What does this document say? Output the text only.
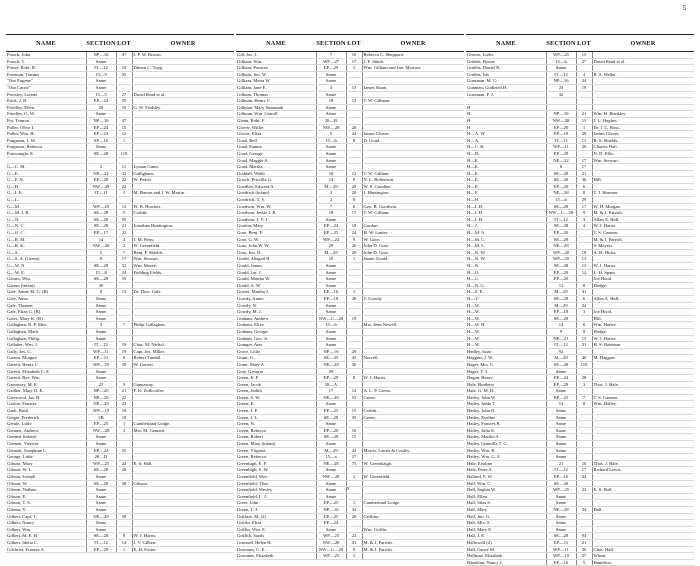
5
3
NAME	SECTION	LOT	OWNER
Frasch, John	NP—16	47	J. P. W. Brown.
Frasch, T.	Same		
Fraser, Robt. R.	IT—12	18	Dimon C. Topp.
Freeman, Tommy	13—9	35	
"Our Eugene"	Same		
"Our Carrie"	Same		
Pressley, Lorena	15—5	27	David Read et al.
Frick, J. B.	EP—24	25	
Friedley, Ellen	28	10	G. W. Fridsley.
Friedley, G. W.	Same		
Fry, Trimon	NP—16	47	
Fuller, Olive I.	EP—24	15	
Fuller, Wm. H.	EP—24	12	
Furguson, J. W.	SP—16	1	
Furguson, Rebecca	Same		
Furtwangle, E.	SE—28	110	

G—C. M.	2	11	Lyman Gunn.
G—E.	NE—22	32	Gallighant.
G—F. N.	EP—20	22	W. Peach.
G—H.	NW—28	22	
G—I. E.	IT—11	1	M. Barton and J. W. Martin.
G—L.			
G—M.	WP—25	13	W. B. Howlett.
G—M. J. R.	SE—28	5	Corbitt.
G—N.	SE—28	95	
G—N. C.	SE—28	21	Jonathan Huntington.
G—O. C.	EP—17	23	
G—R. M.	14	4	J. M. Petty.
G—R. K.	NW—28	2	W. Greenfield.
G—S.	5	7	Benj. F. Shields.
G—S. A. (Green)	8	17	Wm. Stewart.
G—W. N.	SE—28	32	Wm. Moore.
G—W. E.	15—8	24	Fielding Fields.
Gaines, Wm.	SE—28	19	
Gaines (infant)	30		
Gale, Annie M. G. (R)	8	15	Dr. Thos. Gale.
Gale, Anna	Same		
Gale, Thomas	Same		
Gale, Eliza G. (R)	Same		
Gales, Mary K. (R)	Same		
Gallaghan, R. P. Miss	2	7	Philip Gallaghan.
Gallaghan, Mark	Same		
Gallaghan, Philip	Same		
Gallaher, Wm. J.	IT—12	19	Chas. M. Nichol.
Gally, Jos. G.	WP—11	19	Capt. Jos. Miller.
Garrett, Morgan	EP—11	6	Robert Tindall.
Garrett, Henry C.	WP—25	20	W. Garrett.
Garrett, Elizabeth C. Z.	Same		
Garrett, Rev. Wm.	Same		
Gassaway, M. E.	25	5	Gannaway.
Gaither, Mary D. E.	NP—20	21	F. K. Zollicoffer.
Gatewood, Jas. B.	NP—20	22	
Gaston, Frances	NE—29	23	
Gash, Basil	WP—19	18	
Geiger, Frederick	2B	19	
Gentle, Little	EP—25	1	Cumberland Lodge.
Gennett, Andrew	NW—28	3	Mrs. M. Gennett.
Gennett (infant)	Same		
Gennett, Vincent	Same		
Gennett, Josephine L.	EP—24	25	
George, Little	28—D		
Gibson, Mary	WP—25	22	E. S. Hall.
Gibson, W. L.	SE—28	20	
Gibson, Joseph	Same		
Gibson, W.	SE—28	38	Gibson.
Gibson, Nathan	Same		
Gibson, E.	Same		
Gibson, T. S.	Same		
Gibson, Y.	Same		
Gilbert, Capt. T.	NE—28	59	
Gilbert, Nancy	Same		
Gilbert, Wm.	Same		
Gilbert, M. E. H.	SE—28	8	W. J. Harris.
Gilbert, Idelia C.	IT—12	14	J. V. Gilbert.
Gilchrist, Frances A.	EP—29	1	E. H. Foster.
NAME	SECTION	LOT	OWNER
Gill, Jas. J.	7	10	Rebecca C. Sheppard.
Gilliam, Wm.	WP—27	17	J. F. Smith.
Gilliam, Frances	EP—29	2	Wm. Gilliam and Jno. Morrow.
Gilliam, Jno. W.	Same		
Gilliam, Maria W.	Same		
Gilliam, Jane E.	4	13	James Sloan.
Gilliam, Thomas	Same		
Gillman, Henry C.	18	12	T. W. Gillman.
Gillman, Mary Susannah	Same		
Gillman, Wm. Carroll	Same		
Glenn, Robt. F.	28—B		
Glover, Willie	NW—28	20	
Glover, Eliza	5	24	James Glover.
Goad, Bell	15—b	8	D. Goad.
Goad, Fannie	Same		
Goad, George	Same		
Goad, Maggie A.	Same		
Goad, Martha	Same		
Goddall, Webb	18	12	T. W. Gilliam.
Gooch, Priscilla G.	14	9	N. L. Robertson.
Goodloe, Edward A.	M—29	28	W. S. Goodloe.
Goodrich (infant)	2	20	J. Huntington.
Goodrich, T. S.	2	8	
Goodwin, Wm. W.	7	6	Geo. B. Goodwin.
Goodwin, Jessie J. B.	18	17	T. W. Gilliam.
Goodwin, J. V. J.	Same		
Gordon, Mary	EP—24	18	Gordon.
Gore, Benj. F.	EP—25	24	H. W. Lanier.
Gore, G. W.	WP—24	9	W. Gore.
Goss, John W. W.	29	20	John D. Goss.
Goss, Jno. D.	M—29	20	John D. Goss.
Gould, Abagail H.	10	1	James Gould.
Gould, James	Same		
Gould, Jas. J.	Same		
Gould, Martha W.	Same		
Gould, A. W.	Same		
Gower, Martha J.	EP—16	1	
Gowdy, Annie	EP—18	26	T. Gowdy.
Gowdy, N.	Same		
Gowdy, M. J.	Same		
Graham, Andrew	NW—C—28	19	
Graham, Eliza	15—b		Mrs. Jenn Newell.
Graham, George	Same		
Graham, Geo. Jr.	Same		
Granger, Ann	Same		
Grace, Little	NP—16	29	
Grant, G.	SE—25	43	Norvell.
Grant, Mary A.	NE—28	30	
Gray, Georgia	29		
Green, E. F.	EP—29	8	W. J. Harris.
Green, Jacob	28—A		
Green, Judith	17	12	A. L. P. Green.
Green, S. W.	NE—28	53	Green.
Green, E.	Same		
Green, J. F.	EP—25	15	Corbitt.
Green, J. L.	SE—28	35	Green.
Green, N.	Same		
Green, Rebecca	EP—20	10	
Green, Robert	SE—28	15	
Green, Mary (infant)	Same		
Green, Virginia	M—29	24	Morris, Lanier & Cooley.
Green, Rebecca	15—a	17	
Greenhigh, E. F.	NE—28	75	W. Greenhalgh.
Greenhigh, S. W.	Same		
Greenfield, Wm.	NW—28	2	W. Greenfield.
Greenfield, Thos.	Same		
Greenfield, Wesley	Same		
Greenfield, L. J.	Same		
Greer, John	EP—25	1	Cumberland Lodge.
Green, T. J.	NP—16	34	
Griffase, M. (2)	EP—25	26	Griffase.
Griffin, Eliza	EP—24		
Griffin, Wm. E.	Same		Wm. Griffin.
Griffith, Sarah	WP—25	23	
Grimsed, Helen H.	NW—28	43	M. & J. Parrish.
Groomes, C. E.	NW—C—28	8	M. & J. Parrish.
Groomes, Elizabeth	WP—25	2	
NAME	SECTION	LOT	OWNER
Groose, Ludw.	WP—25	15	
Grubbs, Bessie	15—b	27	David Read et al.
Grubbs, Daniel R.	Same		
Grubbs, Ida	IT—12	4	B. S. Weller.
Guesman, M. C.	NP—16	34	
Gunman, Godfried H.	23	19	
Guesman, P. J.	32		

H.			
H.	NP—16	21	Wm. H. Brinkley.
H.	NW—28	13	J. L. Hughes.
H.	EP—20	1	Dr. J. C. Ross.
H—A. W.	EP—18	29	James Glover.
H—A.	IT—11	11	B. S. Shields.
H—C. B.	WP—11	36	Charles Hall.
H—D.	EP—29		N. D. Ellis.
H—E.	NE—22	17	Wm. Stewart.
H—E.	8	17	
H—E.	SE—28	21	
H—E.	SE—28	36	Hill.
H—E.	EP—20	6	
H—F.	NE—28	8	T. J. Harmon.
H—H.	15—b	29	
H—I. D.	SE—28	17	W. H. Morgan.
H—I. H.	NW—C—28	9	M. & J. Parrish.
H—I. H.	IT—12	3	Allen A. Hall.
H—J.	SE—28	4	W. J. Harris.
H—M. A.	EP—20		T. S. Cannon.
H—M. C.	SE—28		M. & J. Parrish.
H—M. L.	NE—28		S. Meyers.
H—N. W.	WP—20	18	A. H. Hicks.
H—N. W.	WP—29	13	
H—N.	SE—28	13	W. J. Harris.
H—O.	EP—29	12	L. H. Spain.
H—C.	EP—20		Joe Hood.
H—N. G.	12	8	Hodge.
H—S. E.	M—29	41	
H—T.	SE—28	6	Allen A. Hall.
H—W.	M—29	34	
H—W.	EP—18	3	Joe Hood.
H—W.	SE—28		Hill.
H—W. H.	14	6	Wm. Hailey.
H—W.	9	9	Hodge.
H—W.	NE—21	15	W. J. Harris.
H—W.	IT—12	31	H. S. Bateman.
Hadley, Isaac	92		
Haggart, J. W.	M—29	40	M. Haggart.
Hager, Mrs. C.	SE—28	110	
Hager, T. J.	Same		
Hagan, Henry	EP—24	28	
Hale, Brothers	EP—29	3	Thos. J. Hale.
Hale, G. M. D.	Same		
Hailey, John W.	EP—25	7	T. S. Cannon.
Hailey, Adda T.	14	8	Wm. Hailey.
Hailey, John R.	Same		
Hailey, Eveline	Same		
Hailey, Frances R.	Same		
Hailey, Julia E.	Same		
Hailey, Martha A.	Same		
Hailey, Quintilla T. G.	Same		
Hailey, Wm. R.	Same		
Hailey, Wm. G. Z.	Same		
Hale, Evaline	21	10	Thos. J. Hale.
Hale, Peter A.	IT—12	17	Richard Lewis.
Hallard, F. W.	EP—16	34	
Hall, Wm. C.	SE—28		
Hall, Sophia W.	WP—25	22	E. S. Hall.
Hall, Ellen	Same		
Hall, Silas S.	Same		
Hall, Mary	NE—28	34	Hall.
Hall, Jno. G.	Same		
Hall, Mrs. S.	Same		
Hall, Mary E.	Same		
Hall, J. E.	SE—28	94	
Hallowell (2)	EP—11	21	
Hall, Carrie M.	WP—11	36	Chas. Hall.
Hallman, Elizabeth	WP—19	27	Wheat.
Hamilton, Nancy J.	EP—16	5	Hamilton.
